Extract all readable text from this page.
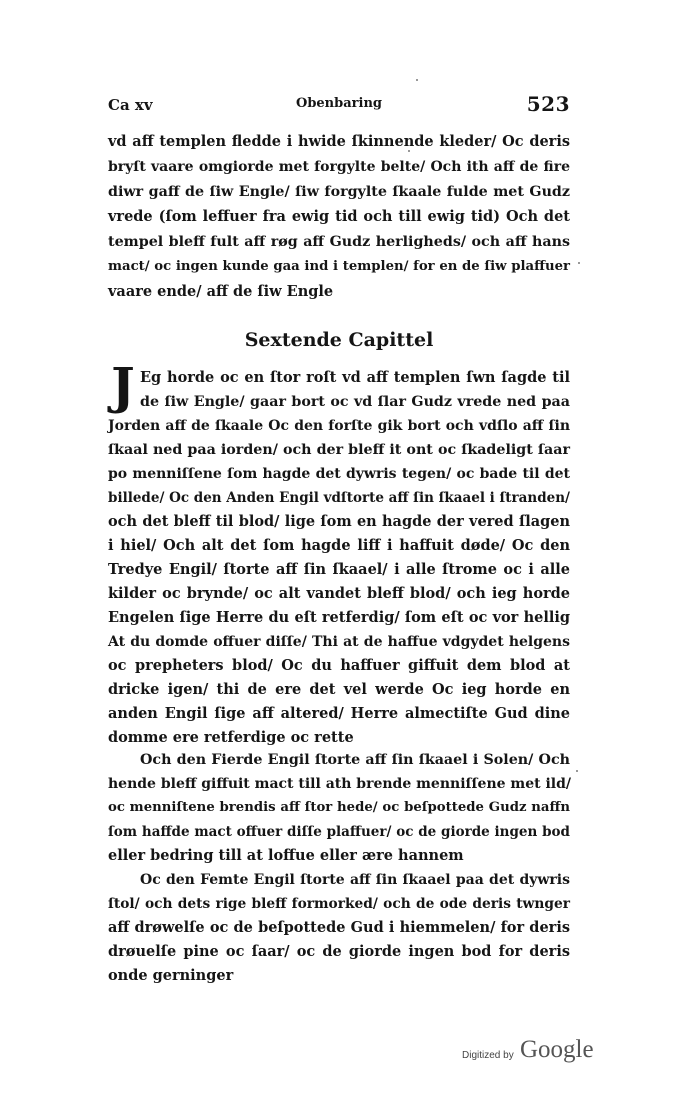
Ca xv	Obenbaring	523
vd aff templen fledde i hwide ſkinnende kleder/ Oc deris
bryſt vaare omgiorde met forgylte belte/ Och ith aff de fire
diwr gaff de ſiw Engle/ ſiw forgylte ſkaale fulde met Gudz
vrede (ſom leffuer fra ewig tid och till ewig tid) Och det
tempel bleff fult aff røg aff Gudz herligheds/ och aff hans
mact/ oc ingen kunde gaa ind i templen/ for en de ſiw plaffuer
vaare ende/ aff de ſiw Engle
Sextende Capittel
J Eg horde oc en ſtor roſt vd aff templen ſwn ſagde til
de ſiw Engle/ gaar bort oc vd ſlar Gudz vrede ned paa
Jorden aff de ſkaale Oc den forſte gik bort och vdſlo aff ſin
ſkaal ned paa iorden/ och der bleff it ont oc ſkadeligt ſaar
po menniſſene ſom hagde det dywris tegen/ oc bade til det
billede/ Oc den Anden Engil vdſtorte aff ſin ſkaael i ſtranden/
och det bleff til blod/ lige ſom en hagde der vered ſlagen
i hiel/ Och alt det ſom hagde liff i haffuit døde/ Oc den
Tredye Engil/ ſtorte aff ſin ſkaael/ i alle ſtrome oc i alle
kilder oc brynde/ oc alt vandet bleff blod/ och ieg horde
Engelen ſige Herre du eſt retferdig/ ſom eſt oc vor hellig
At du domde offuer diſſe/ Thi at de haffue vdgydet helgens
oc prepheters blod/ Oc du haffuer giffuit dem blod at
dricke igen/ thi de ere det vel werde Oc ieg horde en
anden Engil ſige aff altered/ Herre almectiſte Gud dine
domme ere retferdige oc rette
Och den Fierde Engil ſtorte aff ſin ſkaael i Solen/ Och
hende bleff giffuit mact till ath brende menniſſene met ild/
oc menniſtene brendis aff ſtor hede/ oc beſpottede Gudz naffn
ſom haffde mact offuer diſſe plaffuer/ oc de giorde ingen bod
eller bedring till at loffue eller ære hannem
Oc den Femte Engil ſtorte aff ſin ſkaael paa det dywris
ſtol/ och dets rige bleff formorked/ och de ode deris twnger
aff drøwelſe oc de beſpottede Gud i hiemmelen/ for deris
drøuelſe pine oc ſaar/ oc de giorde ingen bod for deris
onde gerninger
Digitized by Google
